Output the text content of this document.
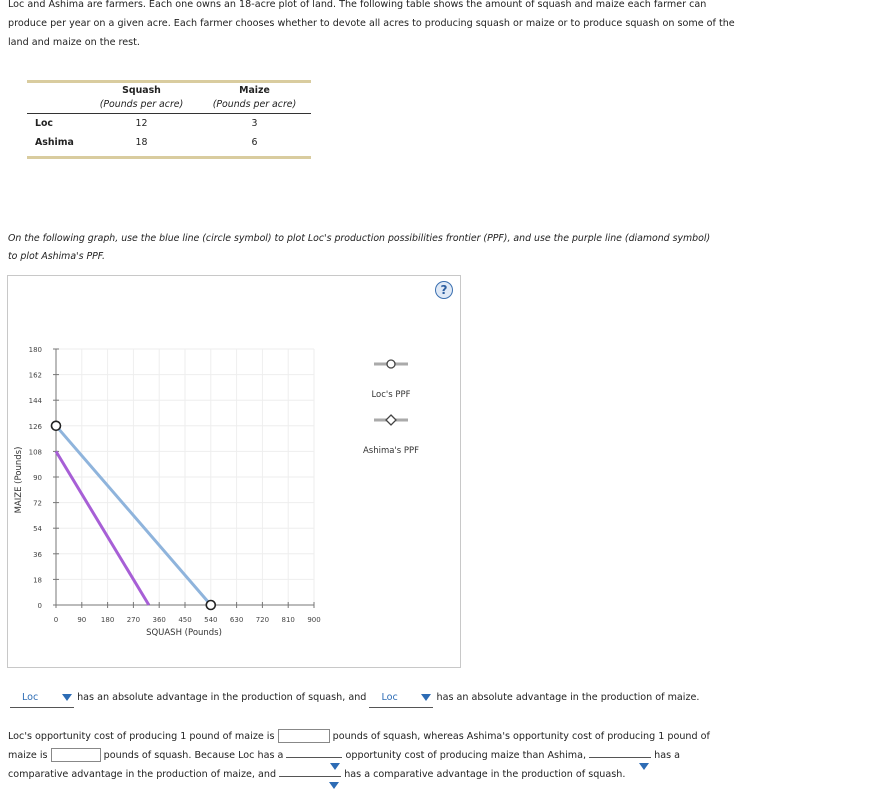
Loc and Ashima are farmers. Each one owns an 18-acre plot of land. The following table shows the amount of squash and maize each farmer can

produce per year on a given acre. Each farmer chooses whether to devote all acres to producing squash or maize or to produce squash on some of the

land and maize on the rest.

	Squash	Maize
	(Pounds per acre)	(Pounds per acre)
Loc	12	3
Ashima	18	6

On the following graph, use the blue line (circle symbol) to plot Loc's production possibilities frontier (PPF), and use the purple line (diamond symbol)

to plot Ashima's PPF.

?
0
18
36
54
72
90
108
126
144
162
180
0	90 180 270 360 450 540 630 720 810 900
SQUASH (Pounds)
MAIZE (Pounds)
Loc's PPF
Ashima's PPF
Loc	has an absolute advantage in the production of squash, and Loc	has an absolute advantage in the production of maize.
Loc's opportunity cost of producing 1 pound of maize is	pounds of squash, whereas Ashima's opportunity cost of producing 1 pound of
maize is	pounds of squash. Because Loc has a	opportunity cost of producing maize than Ashima,	has a
comparative advantage in the production of maize, and	has a comparative advantage in the production of squash.
